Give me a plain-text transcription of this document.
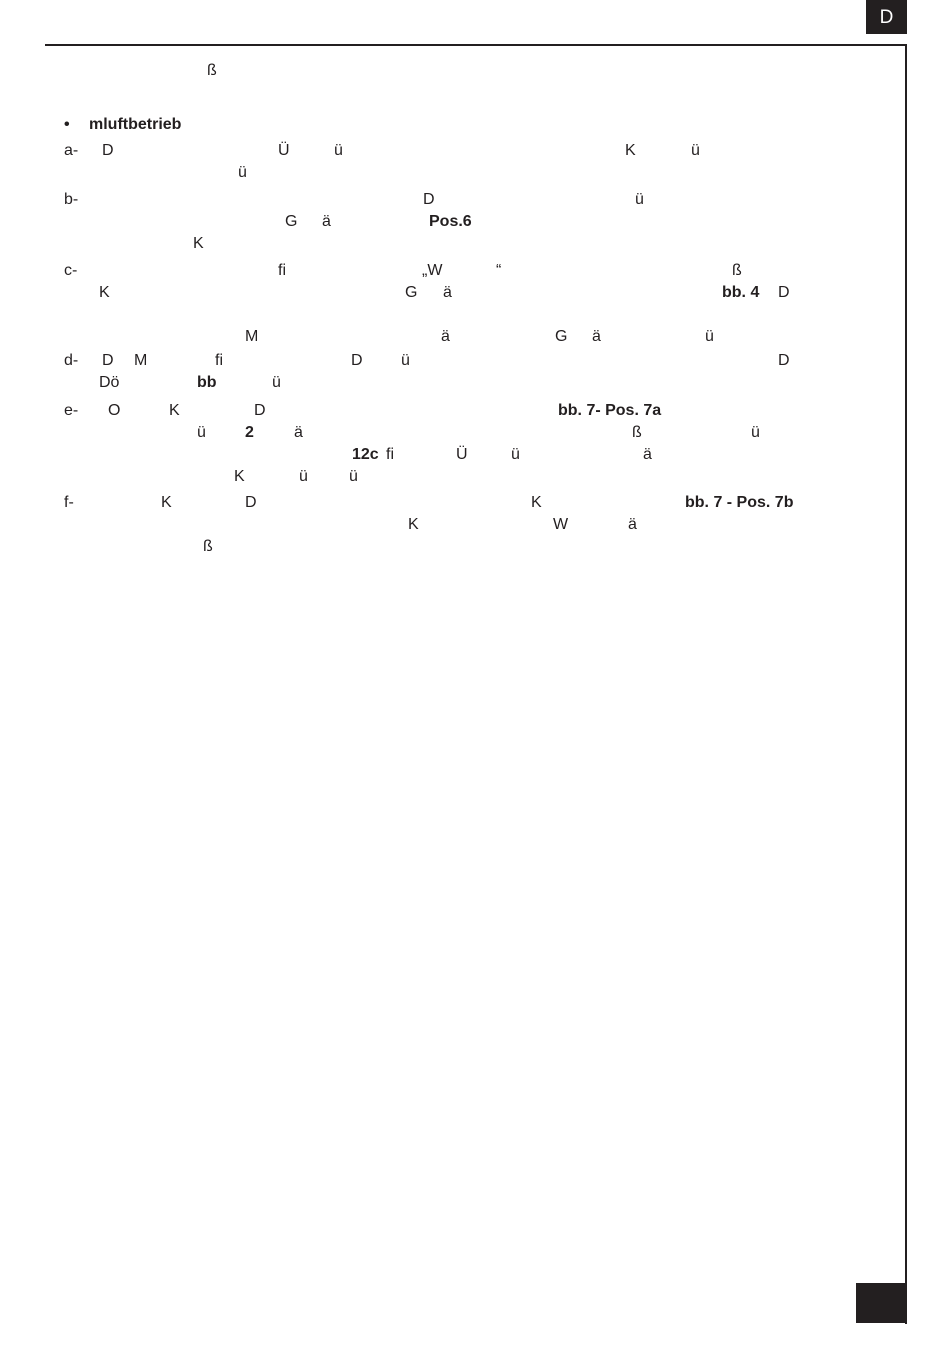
D
ß
• mluftbetrieb
a- D	Ü	ü	K	ü
ü
b-	D	ü
G ä	Pos.6
K
c-	fi	„W	“	ß
K	G ä	bb. 4 D
M	ä	G ä	ü
d- D M	fi	D ü	D
Dö	bb	ü
e- O	K	D	bb. 7- Pos. 7a
ü 2	ä	ß	ü
12c fi	Ü	ü	ä
K	ü	ü
f-	K	D	K	bb. 7 - Pos. 7b
K	W	ä
ß
